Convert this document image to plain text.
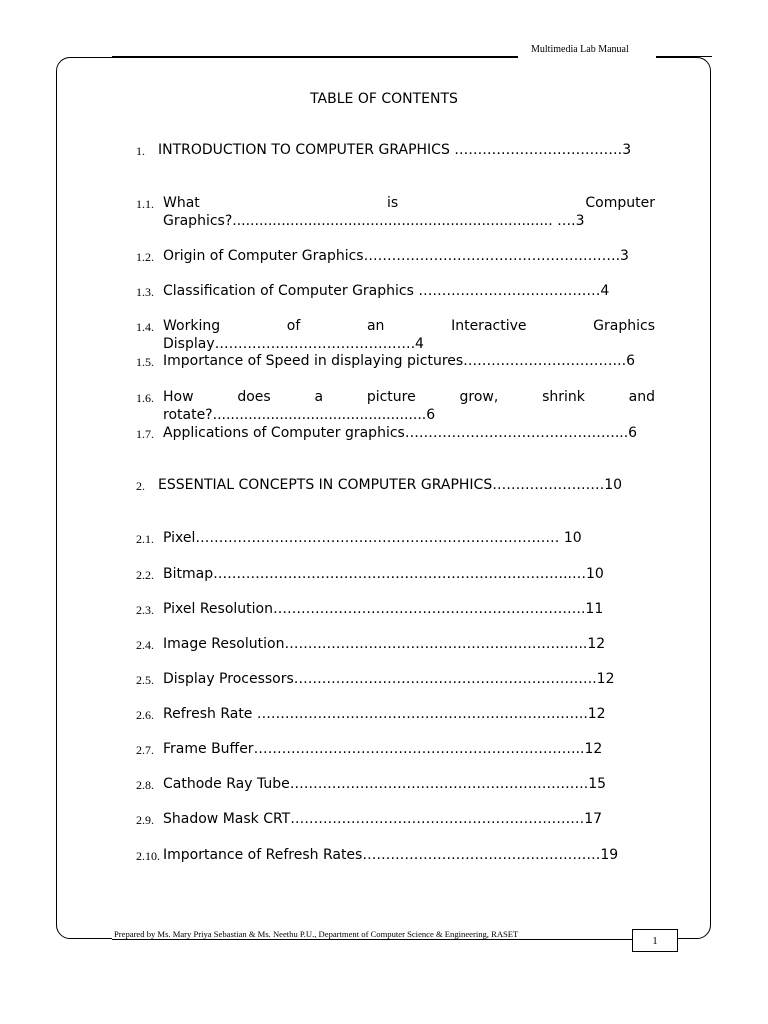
Multimedia Lab Manual
TABLE OF CONTENTS
1. INTRODUCTION TO COMPUTER GRAPHICS ………………………………3
1.1. What is Computer Graphics?........................................................................ ….3
1.2. Origin of Computer Graphics……………………………………………….3
1.3. Classification of Computer Graphics …………………………………4
1.4. Working of an Interactive Graphics Display…………………………………….4
1.5. Importance of Speed in displaying pictures……………………………..6
1.6. How does a picture grow, shrink and rotate?................................................6
1.7. Applications of Computer graphics………………………………………...6
2. ESSENTIAL CONCEPTS IN COMPUTER GRAPHICS……………………10
2.1. Pixel…………………………………………………………………… 10
2.2. Bitmap…………………………………………………………………..…10
2.3. Pixel Resolution………………………………………………………….11
2.4. Image Resolution………………………………………………………..12
2.5. Display Processors…………………………………………………….….12
2.6. Refresh Rate ……………………………………………………………..12
2.7. Frame Buffer……………………………………………………………..12
2.8. Cathode Ray Tube……………………………………………………….15
2.9. Shadow Mask CRT………………………………………………………17
2.10. Importance of Refresh Rates……………………………………………19
Prepared by Ms. Mary Priya Sebastian & Ms. Neethu P.U., Department of Computer Science & Engineering, RASET
1
